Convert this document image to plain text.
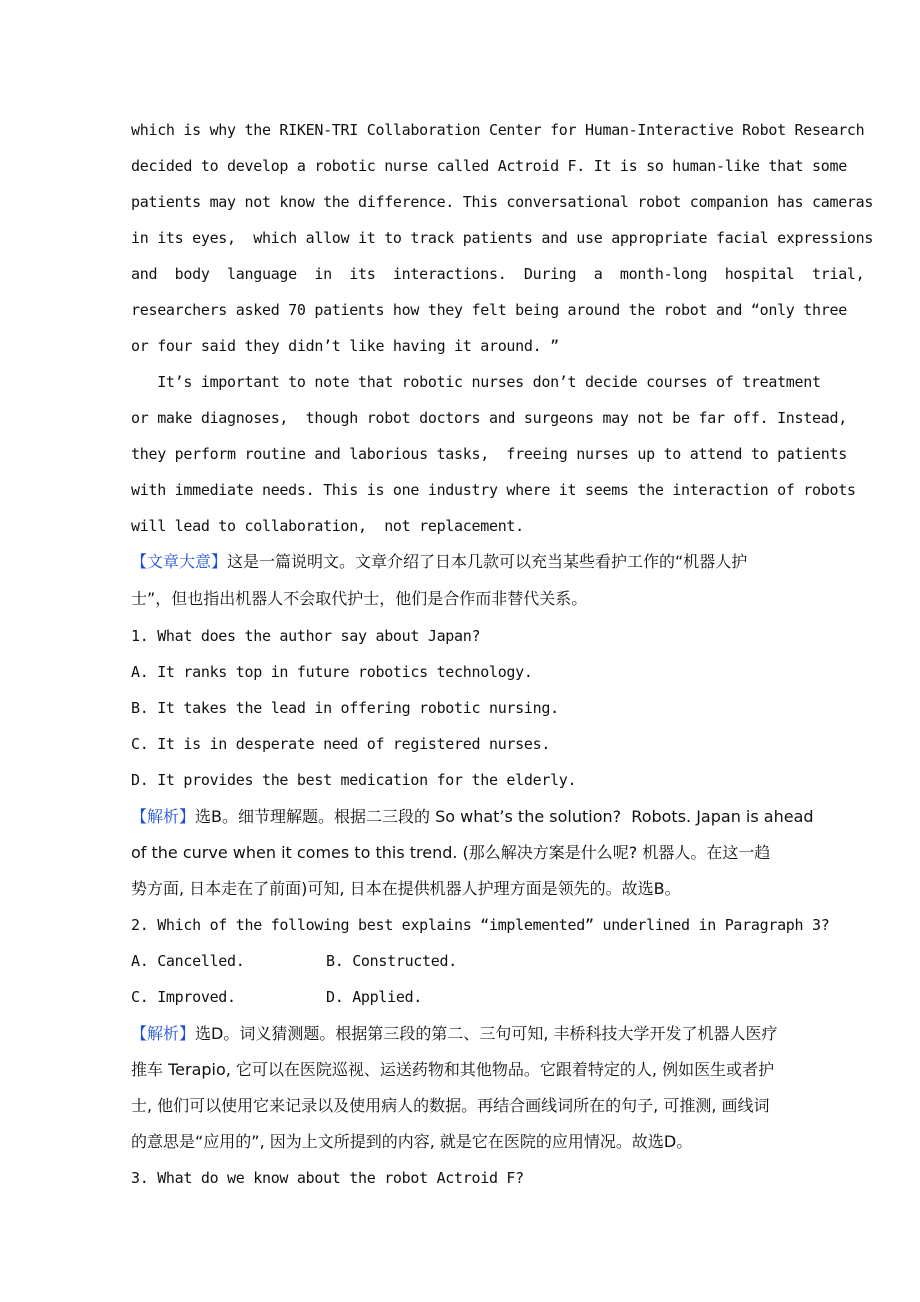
which is why the RIKEN-TRI Collaboration Center for Human-Interactive Robot Research
decided to develop a robotic nurse called Actroid F. It is so human-like that some
patients may not know the difference. This conversational robot companion has cameras
in its eyes,  which allow it to track patients and use appropriate facial expressions
and  body  language  in  its  interactions.  During  a  month-long  hospital  trial,
researchers asked 70 patients how they felt being around the robot and “only three
or four said they didn’t like having it around. ”
It’s important to note that robotic nurses don’t decide courses of treatment
or make diagnoses,  though robot doctors and surgeons may not be far off. Instead,
they perform routine and laborious tasks,  freeing nurses up to attend to patients
with immediate needs. This is one industry where it seems the interaction of robots
will lead to collaboration,  not replacement.
【文章大意】这是一篇说明文。文章介绍了日本几款可以充当某些看护工作的“机器人护
士”，但也指出机器人不会取代护士，他们是合作而非替代关系。
1. What does the author say about Japan?
A. It ranks top in future robotics technology.
B. It takes the lead in offering robotic nursing.
C. It is in desperate need of registered nurses.
D. It provides the best medication for the elderly.
【解析】选B。细节理解题。根据二三段的 So what’s the solution?  Robots. Japan is ahead
of the curve when it comes to this trend. (那么解决方案是什么呢? 机器人。在这一趋
势方面, 日本走在了前面)可知, 日本在提供机器人护理方面是领先的。故选B。
2. Which of the following best explains “implemented” underlined in Paragraph 3?
A. Cancelled.	B. Constructed.
C. Improved.	D. Applied.
【解析】选D。词义猜测题。根据第三段的第二、三句可知, 丰桥科技大学开发了机器人医疗
推车 Terapio, 它可以在医院巡视、运送药物和其他物品。它跟着特定的人, 例如医生或者护
士, 他们可以使用它来记录以及使用病人的数据。再结合画线词所在的句子, 可推测, 画线词
的意思是“应用的”, 因为上文所提到的内容, 就是它在医院的应用情况。故选D。
3. What do we know about the robot Actroid F?
